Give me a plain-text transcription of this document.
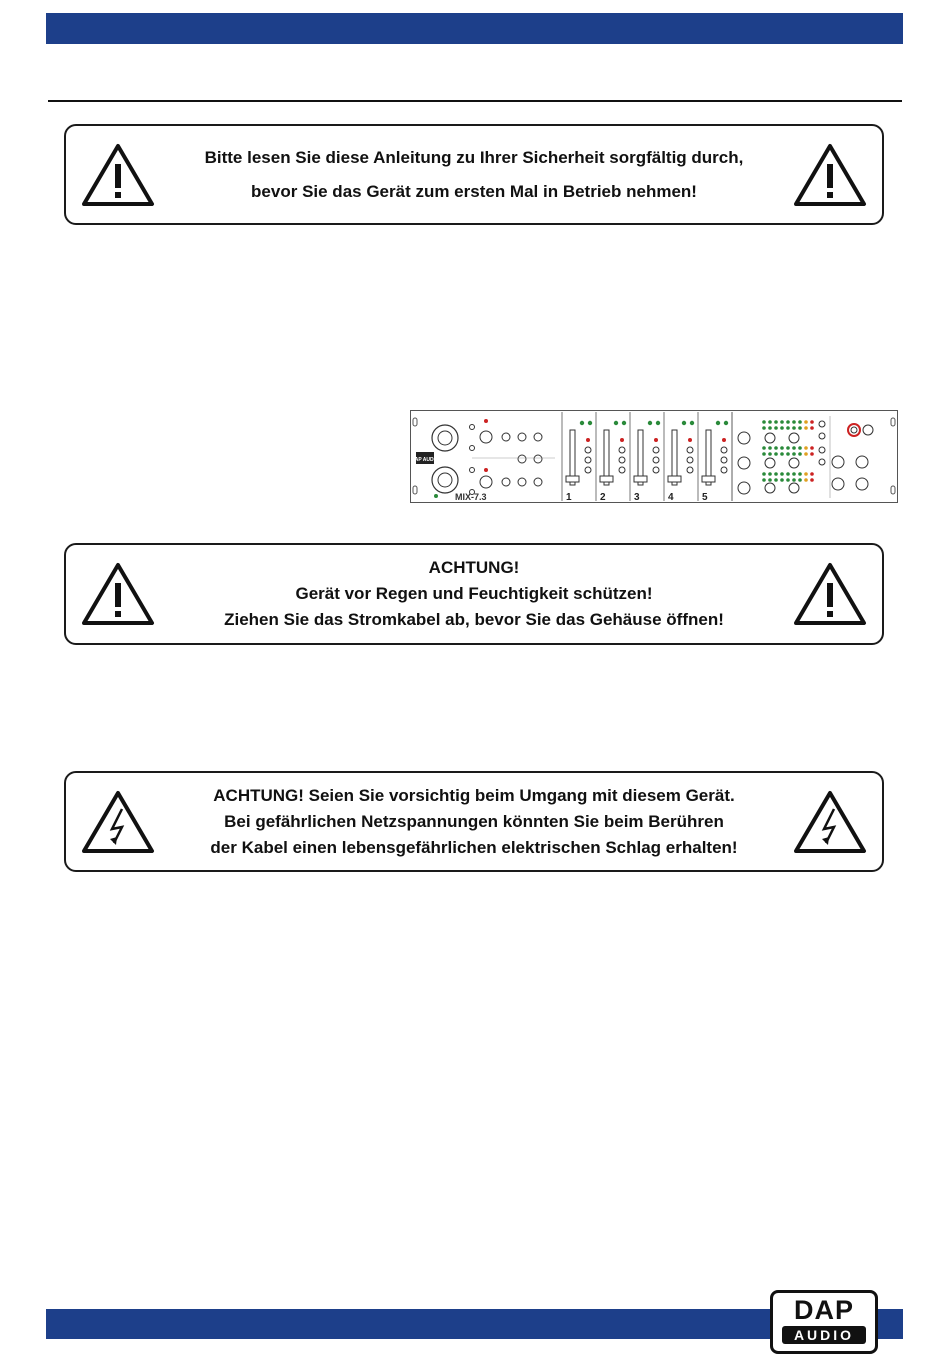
Bitte lesen Sie diese Anleitung zu Ihrer Sicherheit sorgfältig durch,
bevor Sie das Gerät zum ersten Mal in Betrieb nehmen!
DAP AUDIO
MIX-7.3	1	2	3	4	5
ACHTUNG!
Gerät vor Regen und Feuchtigkeit schützen!
Ziehen Sie das Stromkabel ab, bevor Sie das Gehäuse öffnen!
ACHTUNG! Seien Sie vorsichtig beim Umgang mit diesem Gerät.
Bei gefährlichen Netzspannungen könnten Sie beim Berühren
der Kabel einen lebensgefährlichen elektrischen Schlag erhalten!
DAP
AUDIO
